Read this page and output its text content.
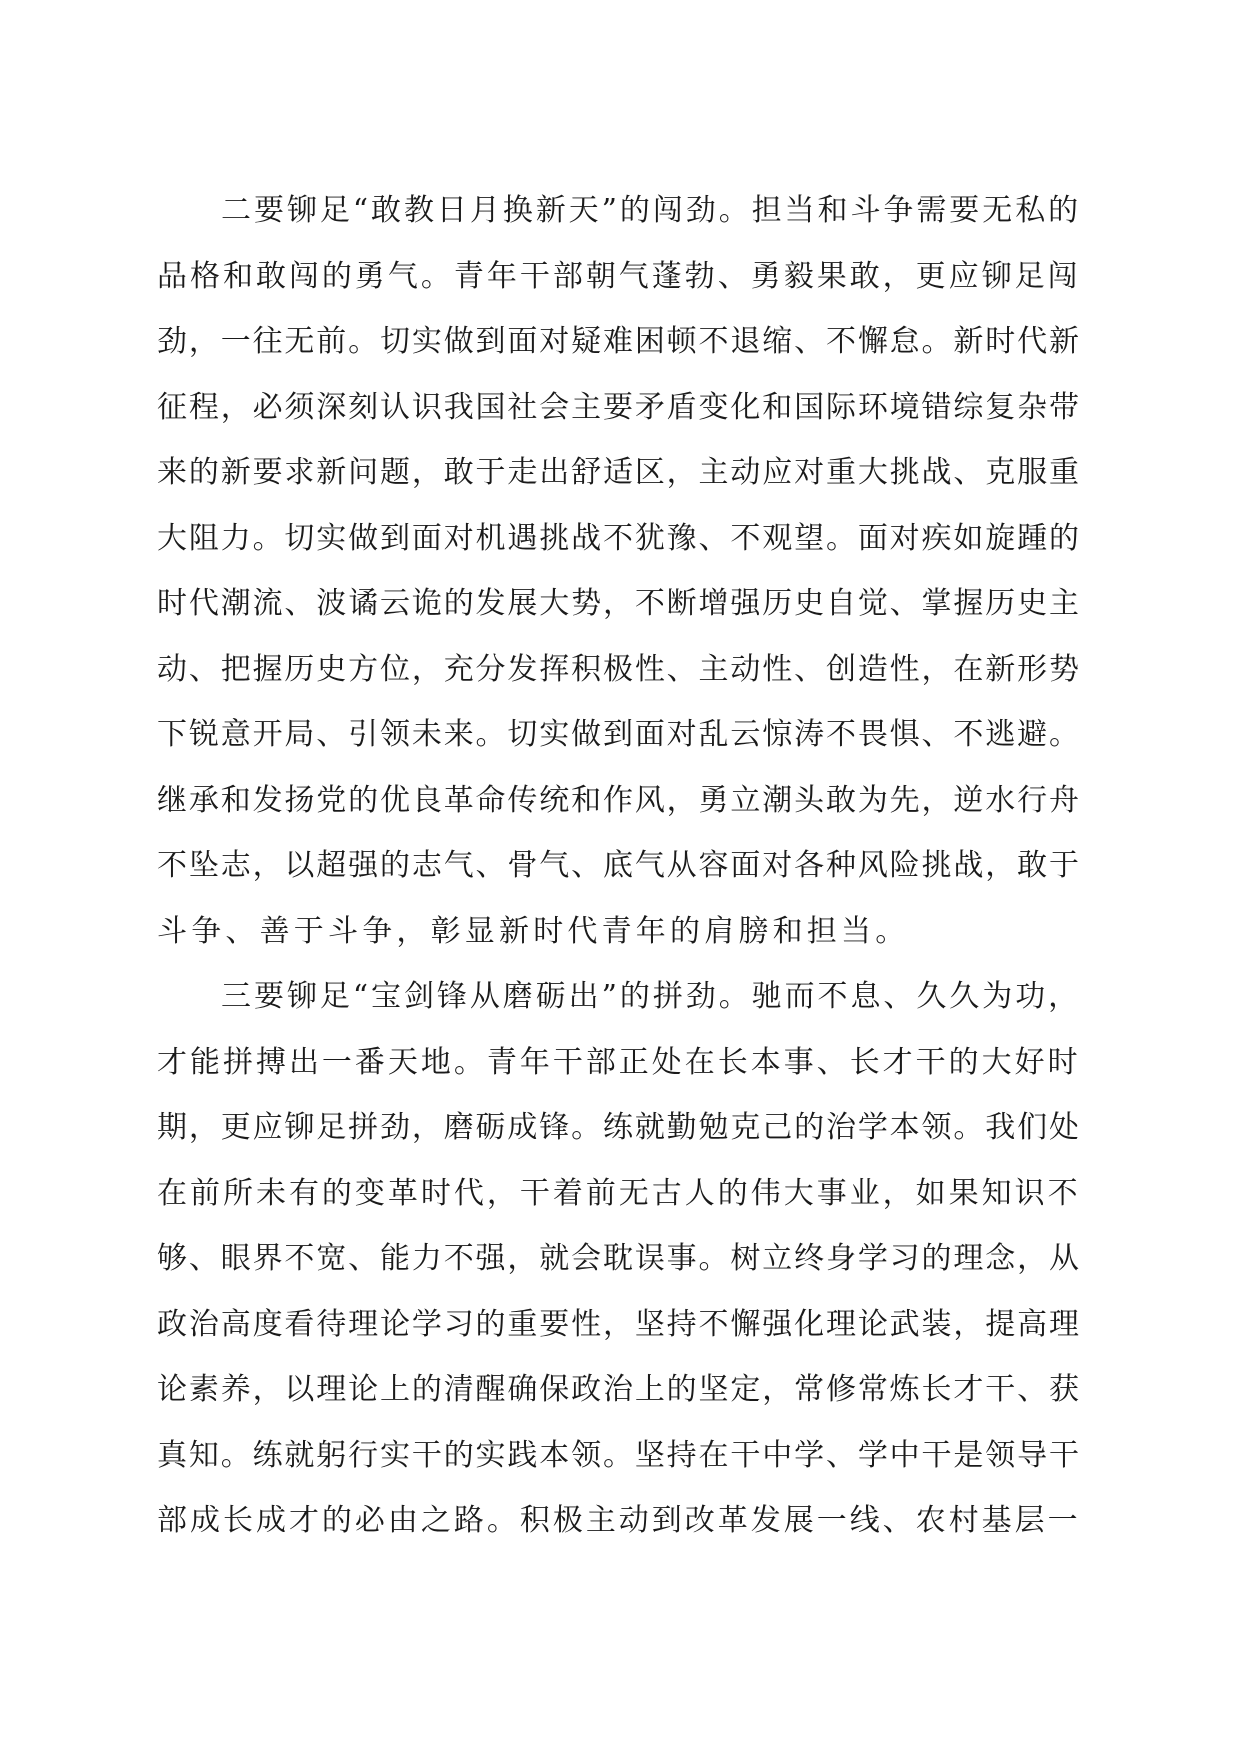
二要铆足“敢教日月换新天”的闯劲。担当和斗争需要无私的
品格和敢闯的勇气。青年干部朝气蓬勃、勇毅果敢，更应铆足闯
劲，一往无前。切实做到面对疑难困顿不退缩、不懈怠。新时代新
征程，必须深刻认识我国社会主要矛盾变化和国际环境错综复杂带
来的新要求新问题，敢于走出舒适区，主动应对重大挑战、克服重
大阻力。切实做到面对机遇挑战不犹豫、不观望。面对疾如旋踵的
时代潮流、波谲云诡的发展大势，不断增强历史自觉、掌握历史主
动、把握历史方位，充分发挥积极性、主动性、创造性，在新形势
下锐意开局、引领未来。切实做到面对乱云惊涛不畏惧、不逃避。
继承和发扬党的优良革命传统和作风，勇立潮头敢为先，逆水行舟
不坠志，以超强的志气、骨气、底气从容面对各种风险挑战，敢于
斗争、善于斗争，彰显新时代青年的肩膀和担当。
三要铆足“宝剑锋从磨砺出”的拼劲。驰而不息、久久为功，
才能拼搏出一番天地。青年干部正处在长本事、长才干的大好时
期，更应铆足拼劲，磨砺成锋。练就勤勉克己的治学本领。我们处
在前所未有的变革时代，干着前无古人的伟大事业，如果知识不
够、眼界不宽、能力不强，就会耽误事。树立终身学习的理念，从
政治高度看待理论学习的重要性，坚持不懈强化理论武装，提高理
论素养，以理论上的清醒确保政治上的坚定，常修常炼长才干、获
真知。练就躬行实干的实践本领。坚持在干中学、学中干是领导干
部成长成才的必由之路。积极主动到改革发展一线、农村基层一
